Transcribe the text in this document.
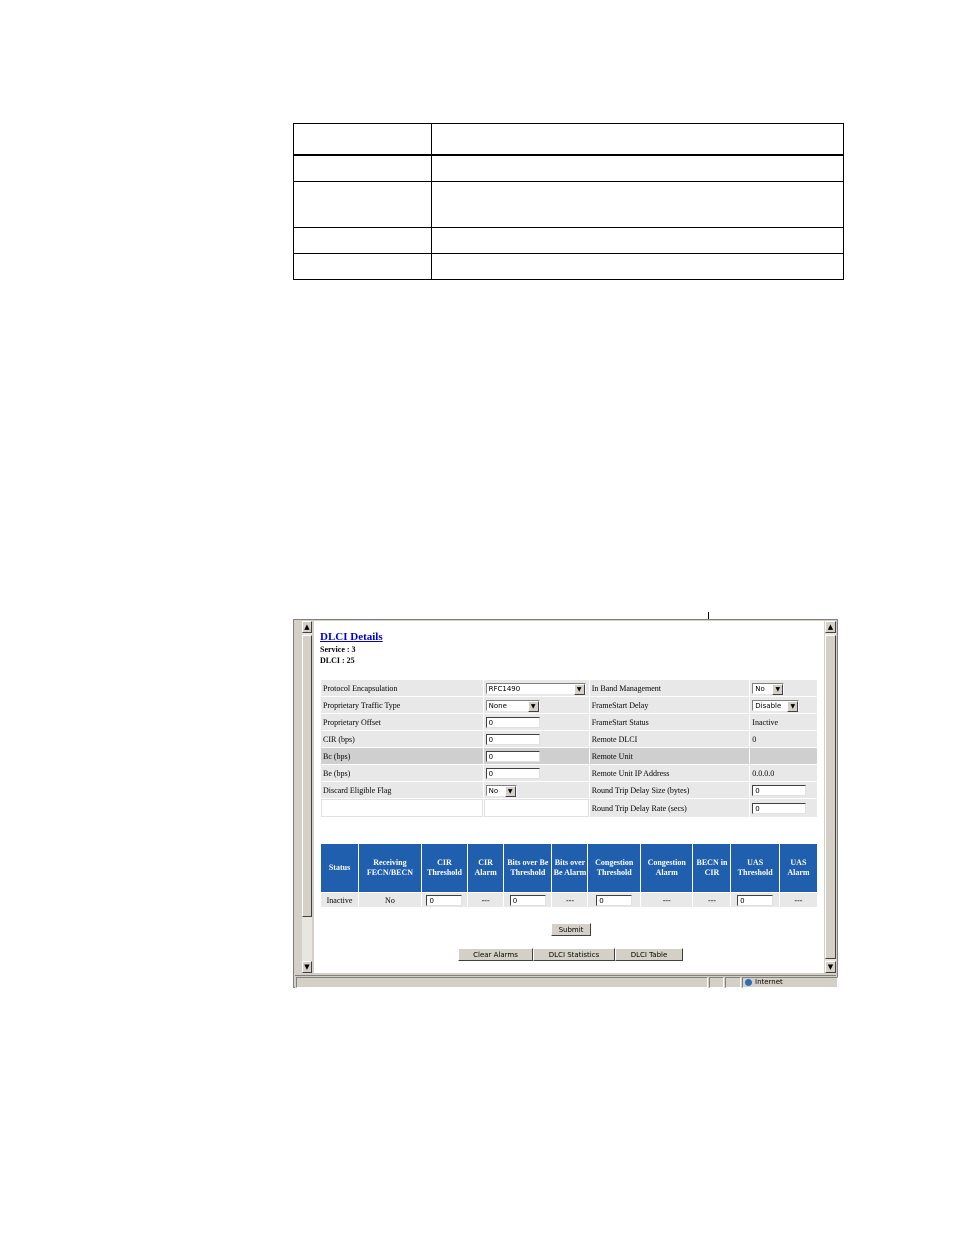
▲
▼
DLCI Details
Service : 3
DLCI : 25
Protocol Encapsulation	RFC1490 ▼	In Band Management	No ▼

Proprietary Traffic Type	None ▼	FrameStart Delay	Disable ▼

Proprietary Offset	0	FrameStart Status	Inactive
CIR (bps)	0	Remote DLCI	0
Bc (bps)	0	Remote Unit	
Be (bps)	0	Remote Unit IP Address	0.0.0.0
Discard Eligible Flag	No ▼	Round Trip Delay Size (bytes)	0
		Round Trip Delay Rate (secs)	0
Status	Receiving FECN/BECN	CIR Threshold	CIR Alarm	Bits over Be Threshold	Bits over Be Alarm	Congestion Threshold	Congestion Alarm	BECN in CIR	UAS Threshold	UAS Alarm
Inactive	No	0	---	0	---	0	---	---	0	---
Submit
Clear Alarms	DLCI Statistics	DLCI Table
▲
▼
Internet
